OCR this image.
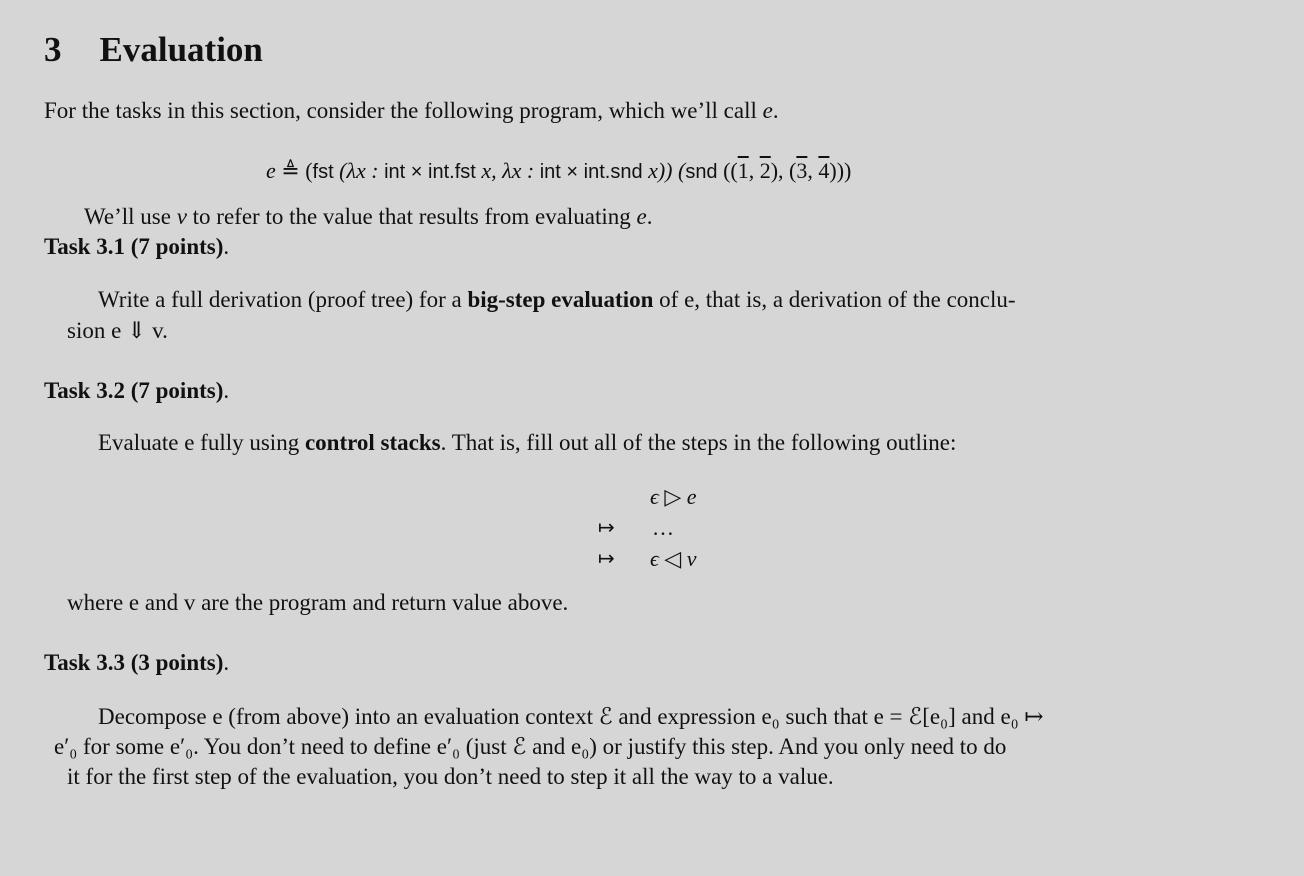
3 Evaluation
For the tasks in this section, consider the following program, which we’ll call e.
e ≜ (fst (λx : int × int.fst x, λx : int × int.snd x)) (snd ((1, 2), (3, 4)))
We’ll use v to refer to the value that results from evaluating e.
Task 3.1 (7 points).
Write a full derivation (proof tree) for a big-step evaluation of e, that is, a derivation of the conclu-
sion e ⇓ v.
Task 3.2 (7 points).
Evaluate e fully using control stacks. That is, fill out all of the steps in the following outline:
ϵ ▷ e
↦ …
↦ ϵ ◁ v
where e and v are the program and return value above.
Task 3.3 (3 points).
Decompose e (from above) into an evaluation context ℰ and expression e₀ such that e = ℰ[e₀] and e₀ ↦
e′₀ for some e′₀. You don’t need to define e′₀ (just ℰ and e₀) or justify this step. And you only need to do
it for the first step of the evaluation, you don’t need to step it all the way to a value.
